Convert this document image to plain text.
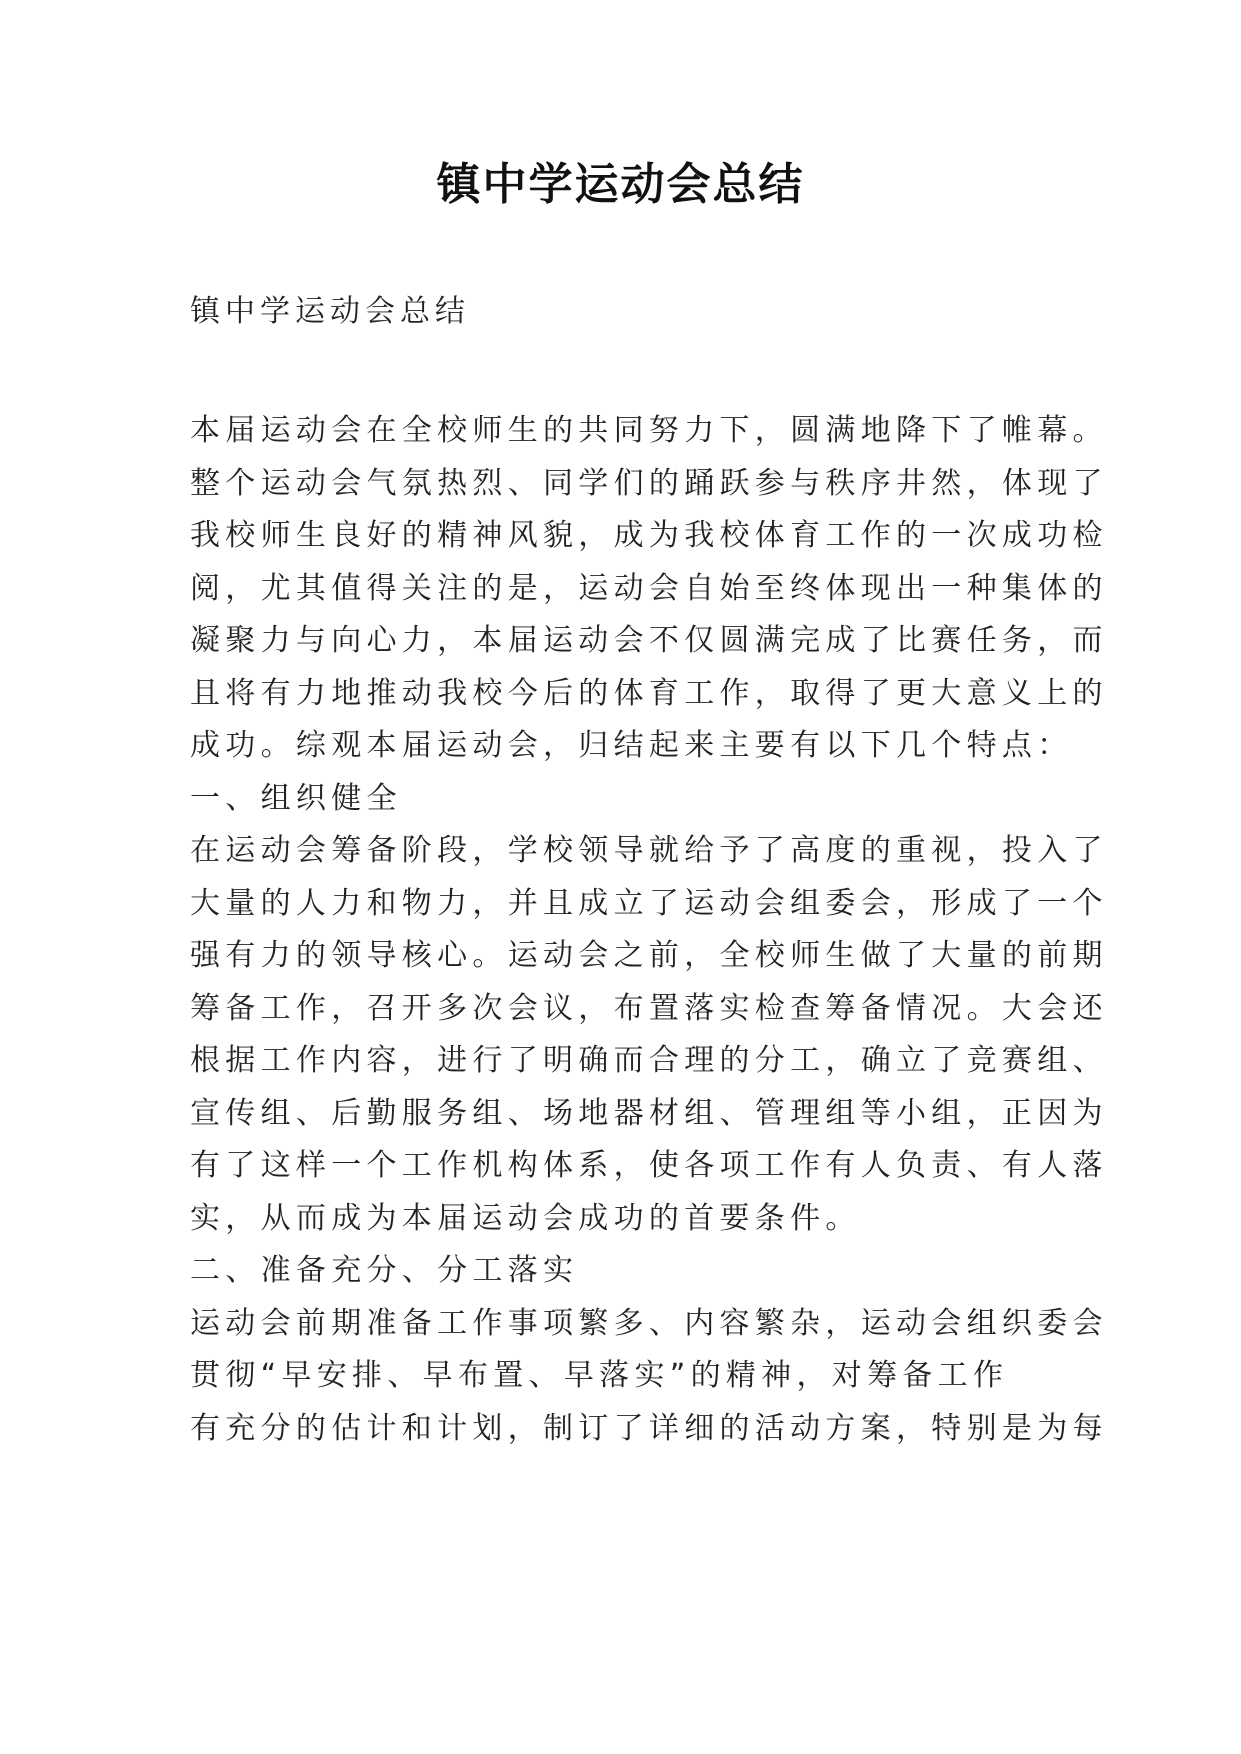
镇中学运动会总结

镇中学运动会总结

本届运动会在全校师生的共同努力下，圆满地降下了帷幕。
整个运动会气氛热烈、同学们的踊跃参与秩序井然，体现了
我校师生良好的精神风貌，成为我校体育工作的一次成功检
阅，尤其值得关注的是，运动会自始至终体现出一种集体的
凝聚力与向心力，本届运动会不仅圆满完成了比赛任务，而
且将有力地推动我校今后的体育工作，取得了更大意义上的
成功。综观本届运动会，归结起来主要有以下几个特点：
一、组织健全
在运动会筹备阶段，学校领导就给予了高度的重视，投入了
大量的人力和物力，并且成立了运动会组委会，形成了一个
强有力的领导核心。运动会之前，全校师生做了大量的前期
筹备工作，召开多次会议，布置落实检查筹备情况。大会还
根据工作内容，进行了明确而合理的分工，确立了竞赛组、
宣传组、后勤服务组、场地器材组、管理组等小组，正因为
有了这样一个工作机构体系，使各项工作有人负责、有人落
实，从而成为本届运动会成功的首要条件。
二、准备充分、分工落实
运动会前期准备工作事项繁多、内容繁杂，运动会组织委会
贯彻“早安排、早布置、早落实”的精神，对筹备工作
有充分的估计和计划，制订了详细的活动方案，特别是为每
